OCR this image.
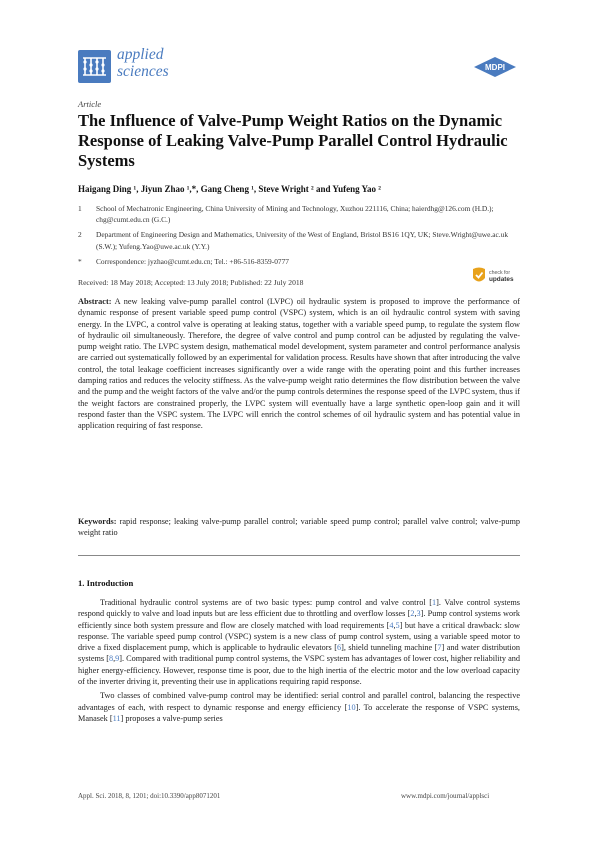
applied
sciences	MDPI
Article
The Influence of Valve-Pump Weight Ratios on the Dynamic Response of Leaking Valve-Pump Parallel Control Hydraulic Systems
Haigang Ding ¹, Jiyun Zhao ¹,*, Gang Cheng ¹, Steve Wright ² and Yufeng Yao ²
1	School of Mechatronic Engineering, China University of Mining and Technology, Xuzhou 221116, China; haierdhg@126.com (H.D.); chg@cumt.edu.cn (G.C.)
2	Department of Engineering Design and Mathematics, University of the West of England, Bristol BS16 1QY, UK; Steve.Wright@uwe.ac.uk (S.W.); Yufeng.Yao@uwe.ac.uk (Y.Y.)
*	Correspondence: jyzhao@cumt.edu.cn; Tel.: +86-516-8359-0777
Received: 18 May 2018; Accepted: 13 July 2018; Published: 22 July 2018
check for
updates
Abstract: A new leaking valve-pump parallel control (LVPC) oil hydraulic system is proposed to improve the performance of dynamic response of present variable speed pump control (VSPC) system, which is an oil hydraulic control system with saving energy. In the LVPC, a control valve is operating at leaking status, together with a variable speed pump, to regulate the system flow of hydraulic oil simultaneously. Therefore, the degree of valve control and pump control can be adjusted by regulating the valve-pump weight ratio. The LVPC system design, mathematical model development, system parameter and control performance analysis are carried out systematically followed by an experimental for validation process. Results have shown that after introducing the valve control, the total leakage coefficient increases significantly over a wide range with the operating point and this further increases damping ratios and reduces the velocity stiffness. As the valve-pump weight ratio determines the flow distribution between the valve and the pump and the weight factors of the valve and/or the pump controls determines the response speed of the LVPC system, thus if the weight factors are constrained properly, the LVPC system will eventually have a large synthetic open-loop gain and it will respond faster than the VSPC system. The LVPC will enrich the control schemes of oil hydraulic system and has potential value in application requiring of fast response.
Keywords: rapid response; leaking valve-pump parallel control; variable speed pump control; parallel valve control; valve-pump weight ratio
1. Introduction

Traditional hydraulic control systems are of two basic types: pump control and valve control [1]. Valve control systems respond quickly to valve and load inputs but are less efficient due to throttling and overflow losses [2,3]. Pump control systems work efficiently since both system pressure and flow are closely matched with load requirements [4,5] but have a critical drawback: slow response. The variable speed pump control (VSPC) system is a new class of pump control system, using a variable speed motor to drive a fixed displacement pump, which is applicable to hydraulic elevators [6], shield tunneling machine [7] and water distribution systems [8,9]. Compared with traditional pump control systems, the VSPC system has advantages of lower cost, higher reliability and higher energy-efficiency. However, response time is poor, due to the high inertia of the electric motor and the low overload capacity of the inverter driving it, preventing their use in applications requiring rapid response.

Two classes of combined valve-pump control may be identified: serial control and parallel control, balancing the respective advantages of each, with respect to dynamic response and energy efficiency [10]. To accelerate the response of VSPC systems, Manasek [11] proposes a valve-pump series

Appl. Sci. 2018, 8, 1201; doi:10.3390/app8071201	www.mdpi.com/journal/applsci
